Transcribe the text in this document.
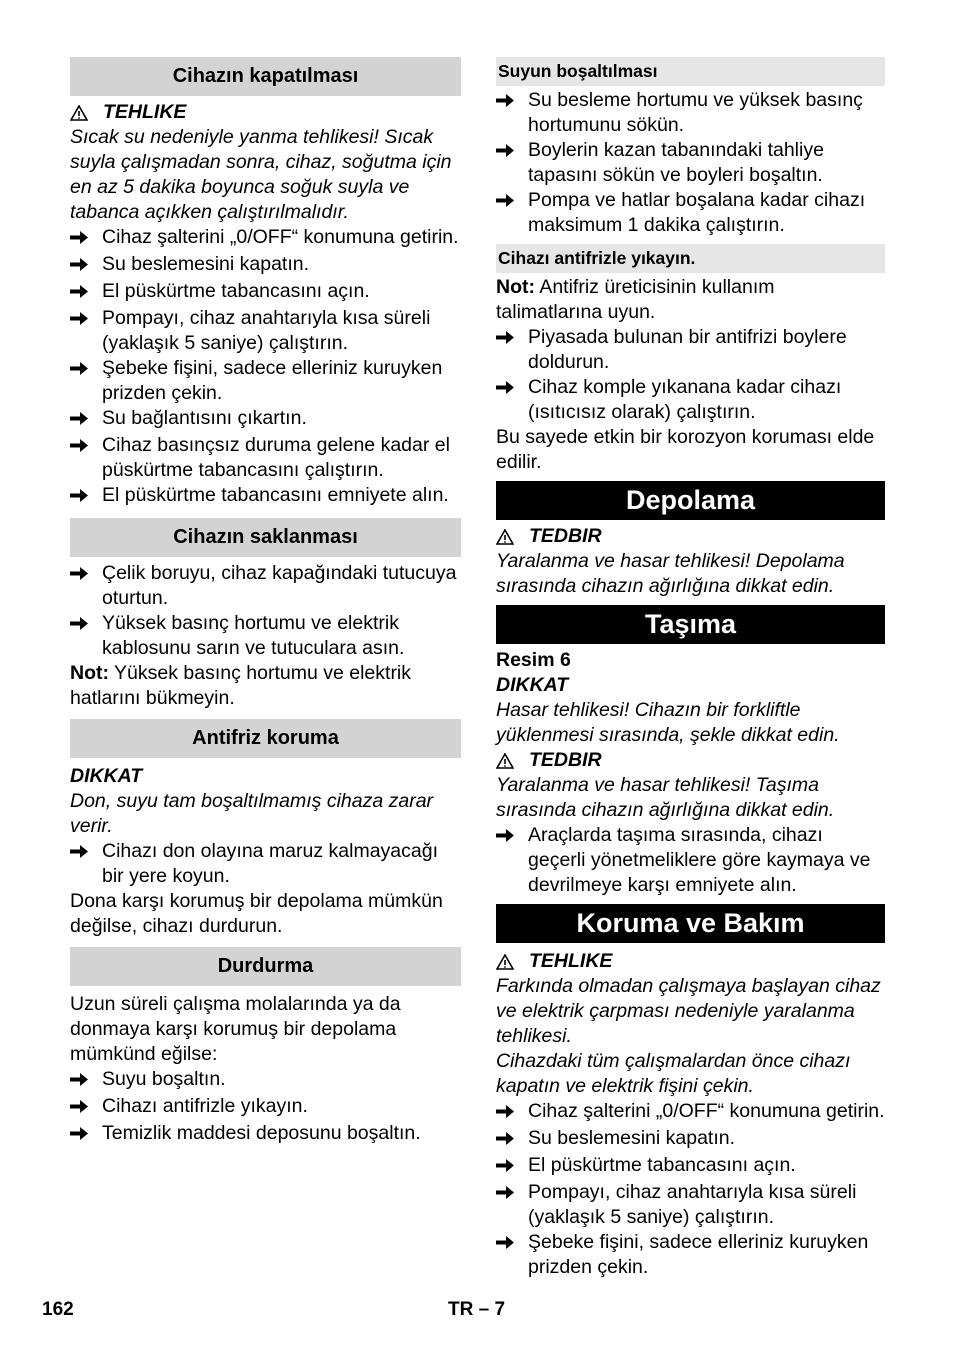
Cihazın kapatılması
TEHLIKE
Sıcak su nedeniyle yanma tehlikesi! Sıcak suyla çalışmadan sonra, cihaz, soğutma için en az 5 dakika boyunca soğuk suyla ve tabanca açıkken çalıştırılmalıdır.
Cihaz şalterini „0/OFF“ konumuna getirin.
Su beslemesini kapatın.
El püskürtme tabancasını açın.
Pompayı, cihaz anahtarıyla kısa süreli (yaklaşık 5 saniye) çalıştırın.
Şebeke fişini, sadece elleriniz kuruyken prizden çekin.
Su bağlantısını çıkartın.
Cihaz basınçsız duruma gelene kadar el püskürtme tabancasını çalıştırın.
El püskürtme tabancasını emniyete alın.
Cihazın saklanması
Çelik boruyu, cihaz kapağındaki tutucuya oturtun.
Yüksek basınç hortumu ve elektrik kablosunu sarın ve tutuculara asın.
Not: Yüksek basınç hortumu ve elektrik hatlarını bükmeyin.
Antifriz koruma
DIKKAT
Don, suyu tam boşaltılmamış cihaza zarar verir.
Cihazı don olayına maruz kalmayacağı bir yere koyun.
Dona karşı korumuş bir depolama mümkün değilse, cihazı durdurun.
Durdurma
Uzun süreli çalışma molalarında ya da donmaya karşı korumuş bir depolama mümkünd eğilse:
Suyu boşaltın.
Cihazı antifrizle yıkayın.
Temizlik maddesi deposunu boşaltın.
Suyun boşaltılması
Su besleme hortumu ve yüksek basınç hortumunu sökün.
Boylerin kazan tabanındaki tahliye tapasını sökün ve boyleri boşaltın.
Pompa ve hatlar boşalana kadar cihazı maksimum 1 dakika çalıştırın.
Cihazı antifrizle yıkayın.
Not: Antifriz üreticisinin kullanım talimatlarına uyun.
Piyasada bulunan bir antifrizi boylere doldurun.
Cihaz komple yıkanana kadar cihazı (ısıtıcısız olarak) çalıştırın.
Bu sayede etkin bir korozyon koruması elde edilir.
Depolama
TEDBIR
Yaralanma ve hasar tehlikesi! Depolama sırasında cihazın ağırlığına dikkat edin.
Taşıma
Resim 6
DIKKAT
Hasar tehlikesi! Cihazın bir forkliftle yüklenmesi sırasında, şekle dikkat edin.
TEDBIR
Yaralanma ve hasar tehlikesi! Taşıma sırasında cihazın ağırlığına dikkat edin.
Araçlarda taşıma sırasında, cihazı geçerli yönetmeliklere göre kaymaya ve devrilmeye karşı emniyete alın.
Koruma ve Bakım
TEHLIKE
Farkında olmadan çalışmaya başlayan cihaz ve elektrik çarpması nedeniyle yaralanma tehlikesi.
Cihazdaki tüm çalışmalardan önce cihazı kapatın ve elektrik fişini çekin.
Cihaz şalterini „0/OFF“ konumuna getirin.
Su beslemesini kapatın.
El püskürtme tabancasını açın.
Pompayı, cihaz anahtarıyla kısa süreli (yaklaşık 5 saniye) çalıştırın.
Şebeke fişini, sadece elleriniz kuruyken prizden çekin.
162	TR – 7
